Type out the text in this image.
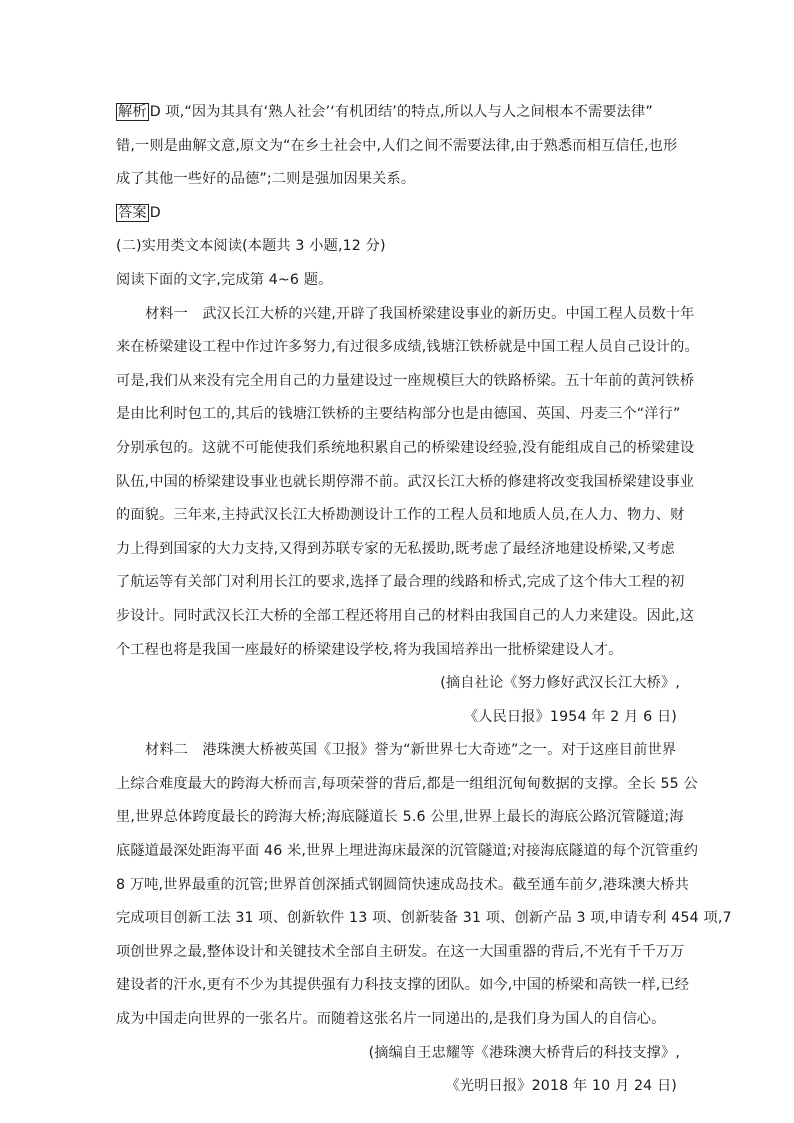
解析 D 项,“因为其具有‘熟人社会’‘有机团结’的特点,所以人与人之间根本不需要法律”
错,一则是曲解文意,原文为“在乡土社会中,人们之间不需要法律,由于熟悉而相互信任,也形
成了其他一些好的品德”;二则是强加因果关系。
答案 D
(二)实用类文本阅读(本题共 3 小题,12 分)
阅读下面的文字,完成第 4~6 题。
材料一　武汉长江大桥的兴建,开辟了我国桥梁建设事业的新历史。中国工程人员数十年
来在桥梁建设工程中作过许多努力,有过很多成绩,钱塘江铁桥就是中国工程人员自己设计的。
可是,我们从来没有完全用自己的力量建设过一座规模巨大的铁路桥梁。五十年前的黄河铁桥
是由比利时包工的,其后的钱塘江铁桥的主要结构部分也是由德国、英国、丹麦三个“洋行”
分别承包的。这就不可能使我们系统地积累自己的桥梁建设经验,没有能组成自己的桥梁建设
队伍,中国的桥梁建设事业也就长期停滞不前。武汉长江大桥的修建将改变我国桥梁建设事业
的面貌。三年来,主持武汉长江大桥勘测设计工作的工程人员和地质人员,在人力、物力、财
力上得到国家的大力支持,又得到苏联专家的无私援助,既考虑了最经济地建设桥梁,又考虑
了航运等有关部门对利用长江的要求,选择了最合理的线路和桥式,完成了这个伟大工程的初
步设计。同时武汉长江大桥的全部工程还将用自己的材料由我国自己的人力来建设。因此,这
个工程也将是我国一座最好的桥梁建设学校,将为我国培养出一批桥梁建设人才。
(摘自社论《努力修好武汉长江大桥》,
《人民日报》1954 年 2 月 6 日)
材料二　港珠澳大桥被英国《卫报》誉为“新世界七大奇迹”之一。对于这座目前世界
上综合难度最大的跨海大桥而言,每项荣誉的背后,都是一组组沉甸甸数据的支撑。全长 55 公
里,世界总体跨度最长的跨海大桥;海底隧道长 5.6 公里,世界上最长的海底公路沉管隧道;海
底隧道最深处距海平面 46 米,世界上埋进海床最深的沉管隧道;对接海底隧道的每个沉管重约
8 万吨,世界最重的沉管;世界首创深插式钢圆筒快速成岛技术。截至通车前夕,港珠澳大桥共
完成项目创新工法 31 项、创新软件 13 项、创新装备 31 项、创新产品 3 项,申请专利 454 项,7
项创世界之最,整体设计和关键技术全部自主研发。在这一大国重器的背后,不光有千千万万
建设者的汗水,更有不少为其提供强有力科技支撑的团队。如今,中国的桥梁和高铁一样,已经
成为中国走向世界的一张名片。而随着这张名片一同递出的,是我们身为国人的自信心。
(摘编自王忠耀等《港珠澳大桥背后的科技支撑》,
《光明日报》2018 年 10 月 24 日)
